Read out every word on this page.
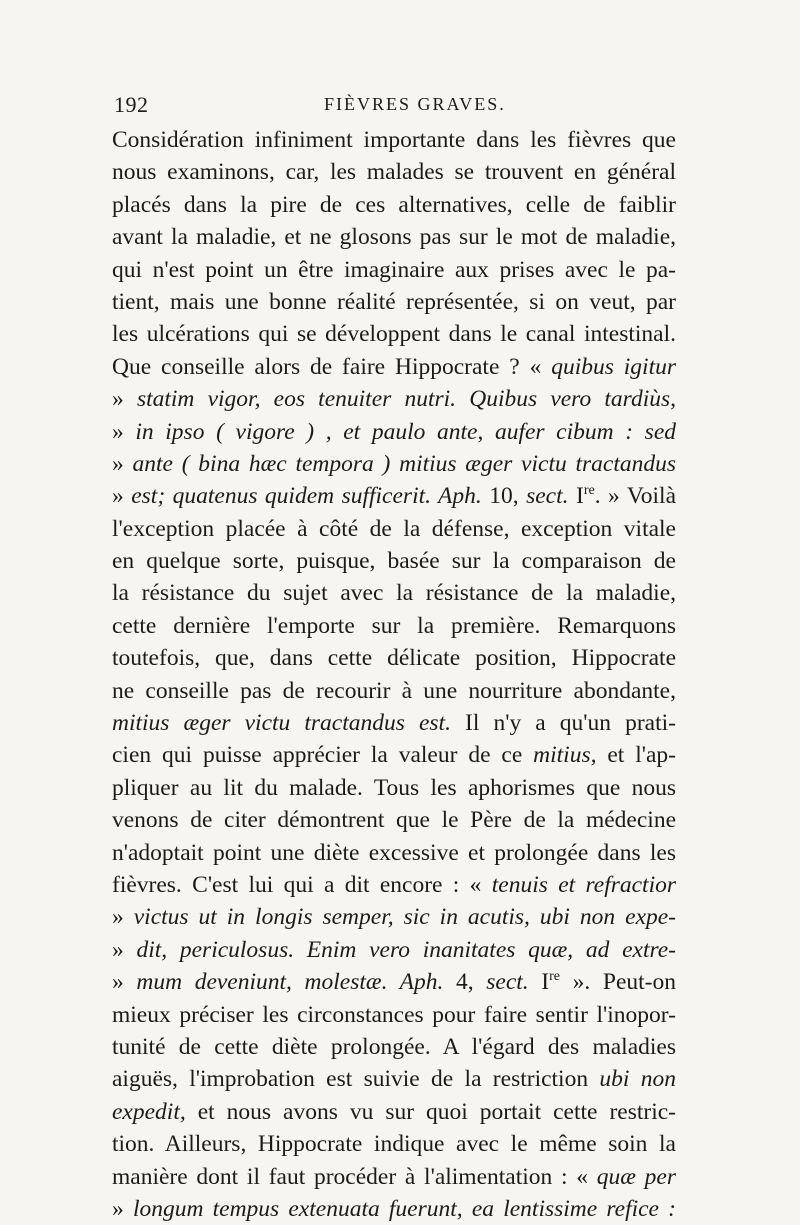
192	FIÈVRES GRAVES.
Considération infiniment importante dans les fièvres que
nous examinons, car, les malades se trouvent en général
placés dans la pire de ces alternatives, celle de faiblir
avant la maladie, et ne glosons pas sur le mot de maladie,
qui n'est point un être imaginaire aux prises avec le pa-
tient, mais une bonne réalité représentée, si on veut, par
les ulcérations qui se développent dans le canal intestinal.
Que conseille alors de faire Hippocrate ? « quibus igitur
» statim vigor, eos tenuiter nutri. Quibus vero tardiùs,
» in ipso ( vigore ) , et paulo ante, aufer cibum : sed
» ante ( bina hæc tempora ) mitius æger victu tractandus
» est; quatenus quidem sufficerit. Aph. 10, sect. Ire. » Voilà
l'exception placée à côté de la défense, exception vitale
en quelque sorte, puisque, basée sur la comparaison de
la résistance du sujet avec la résistance de la maladie,
cette dernière l'emporte sur la première. Remarquons
toutefois, que, dans cette délicate position, Hippocrate
ne conseille pas de recourir à une nourriture abondante,
mitius æger victu tractandus est. Il n'y a qu'un prati-
cien qui puisse apprécier la valeur de ce mitius, et l'ap-
pliquer au lit du malade. Tous les aphorismes que nous
venons de citer démontrent que le Père de la médecine
n'adoptait point une diète excessive et prolongée dans les
fièvres. C'est lui qui a dit encore : « tenuis et refractior
» victus ut in longis semper, sic in acutis, ubi non expe-
» dit, periculosus. Enim vero inanitates quæ, ad extre-
» mum deveniunt, molestæ. Aph. 4, sect. Ire ». Peut-on
mieux préciser les circonstances pour faire sentir l'inopor-
tunité de cette diète prolongée. A l'égard des maladies
aiguës, l'improbation est suivie de la restriction ubi non
expedit, et nous avons vu sur quoi portait cette restric-
tion. Ailleurs, Hippocrate indique avec le même soin la
manière dont il faut procéder à l'alimentation : « quæ per
» longum tempus extenuata fuerunt, ea lentissime refice :
